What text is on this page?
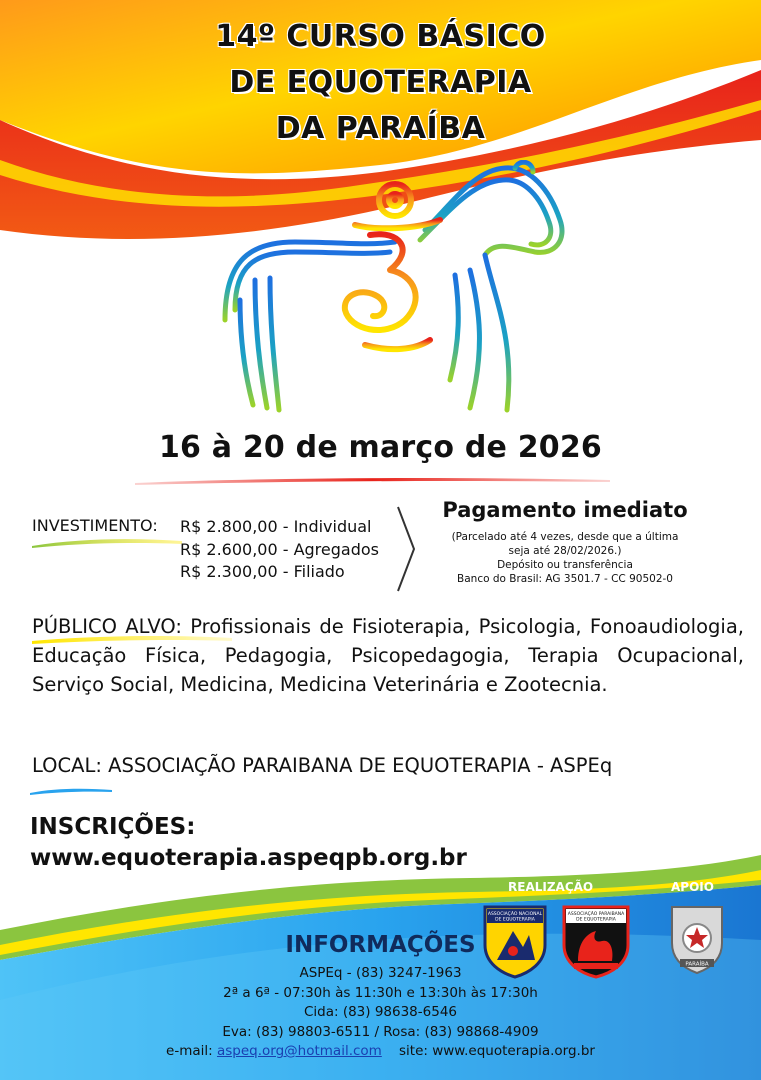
14º CURSO BÁSICO
DE EQUOTERAPIA
DA PARAÍBA
16 à 20 de março de 2026
INVESTIMENTO: R$ 2.800,00 - Individual
R$ 2.600,00 - Agregados
R$ 2.300,00 - Filiado
Pagamento imediato
(Parcelado até 4 vezes, desde que a última
seja até 28/02/2026.)
Depósito ou transferência
Banco do Brasil: AG 3501.7 - CC 90502-0
PÚBLICO ALVO: Profissionais de Fisioterapia, Psicologia, Fonoaudiologia, Educação Física, Pedagogia, Psicopedagogia, Terapia Ocupacional, Serviço Social, Medicina, Medicina Veterinária e Zootecnia.
LOCAL: ASSOCIAÇÃO PARAIBANA DE EQUOTERAPIA - ASPEq
INSCRIÇÕES:
www.equoterapia.aspeqpb.org.br
REALIZAÇÃO	APOIO
ASSOCIAÇÃO NACIONAL
DE EQUOTERAPIA
ASSOCIAÇÃO PARAIBANA
DE EQUOTERAPIA
PARAÍBA
INFORMAÇÕES
ASPEq - (83) 3247-1963
2ª a 6ª - 07:30h às 11:30h e 13:30h às 17:30h
Cida: (83) 98638-6546
Eva: (83) 98803-6511 / Rosa: (83) 98868-4909
e-mail: aspeq.org@hotmail.com site: www.equoterapia.org.br
